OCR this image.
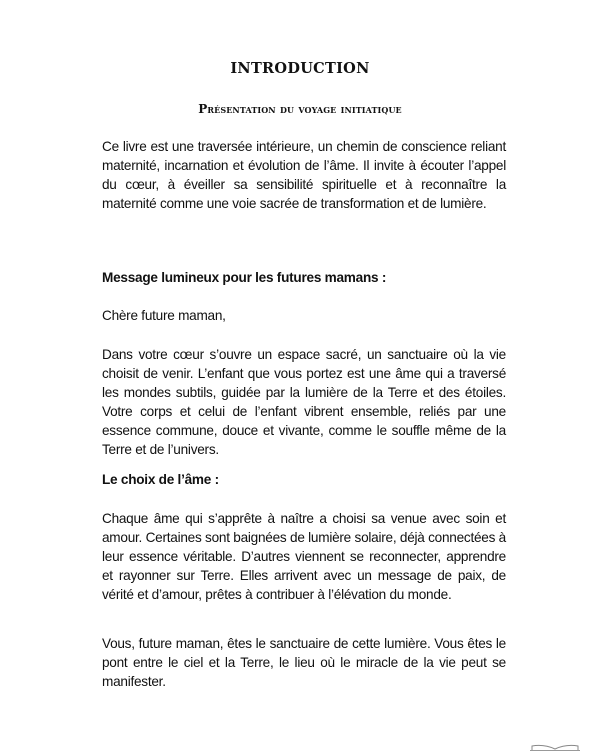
INTRODUCTION
Présentation du voyage initiatique

Ce livre est une traversée intérieure, un chemin de conscience reliant maternité, incarnation et évolution de l’âme. Il invite à écouter l’appel du cœur, à éveiller sa sensibilité spirituelle et à reconnaître la maternité comme une voie sacrée de transformation et de lumière.

Message lumineux pour les futures mamans :

Chère future maman,

Dans votre cœur s’ouvre un espace sacré, un sanctuaire où la vie choisit de venir. L’enfant que vous portez est une âme qui a traversé les mondes subtils, guidée par la lumière de la Terre et des étoiles. Votre corps et celui de l’enfant vibrent ensemble, reliés par une essence commune, douce et vivante, comme le souffle même de la Terre et de l’univers.

Le choix de l’âme :

Chaque âme qui s’apprête à naître a choisi sa venue avec soin et amour. Certaines sont baignées de lumière solaire, déjà connectées à leur essence véritable. D’autres viennent se reconnecter, apprendre et rayonner sur Terre. Elles arrivent avec un message de paix, de vérité et d’amour, prêtes à contribuer à l’élévation du monde.

Vous, future maman, êtes le sanctuaire de cette lumière. Vous êtes le pont entre le ciel et la Terre, le lieu où le miracle de la vie peut se manifester.
